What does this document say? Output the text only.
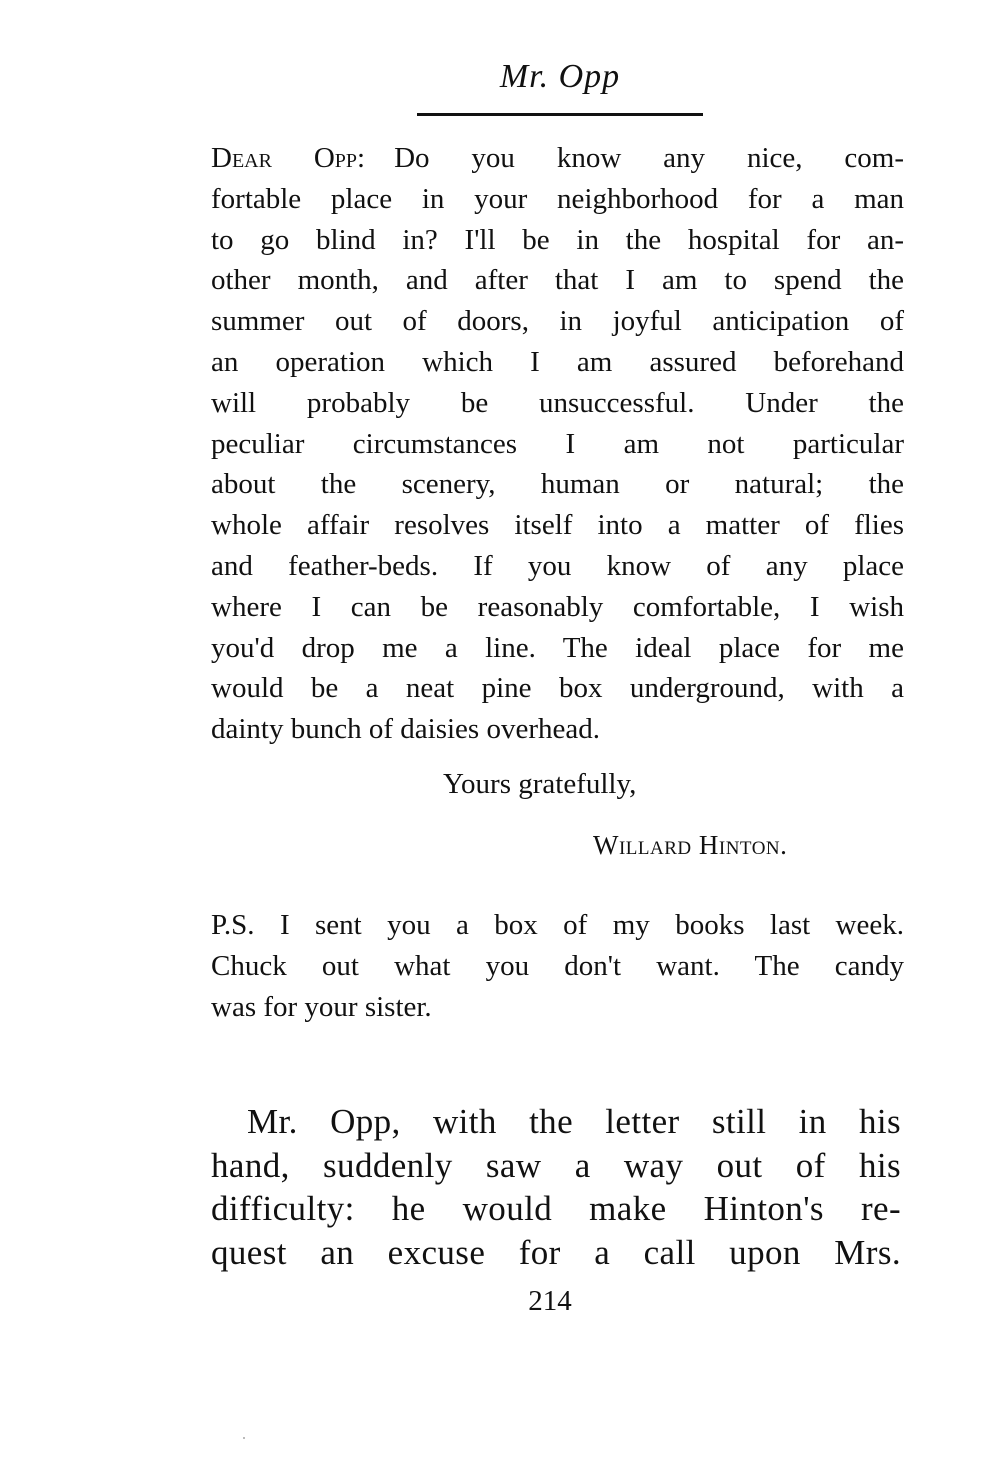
Mr. Opp
Dear Opp:  Do you know any nice, com-
fortable place in your neighborhood for a man
to go blind in? I'll be in the hospital for an-
other month, and after that I am to spend the
summer out of doors, in joyful anticipation of
an operation which I am assured beforehand
will probably be unsuccessful. Under the
peculiar circumstances I am not particular
about the scenery, human or natural; the
whole affair resolves itself into a matter of flies
and feather-beds. If you know of any place
where I can be reasonably comfortable, I wish
you'd drop me a line. The ideal place for me
would be a neat pine box underground, with a
dainty bunch of daisies overhead.
Yours gratefully,
Willard Hinton.
P.S. I sent you a box of my books last week.
Chuck out what you don't want. The candy
was for your sister.
Mr. Opp, with the letter still in his
hand, suddenly saw a way out of his
difficulty: he would make Hinton's re-
quest an excuse for a call upon Mrs.
214
